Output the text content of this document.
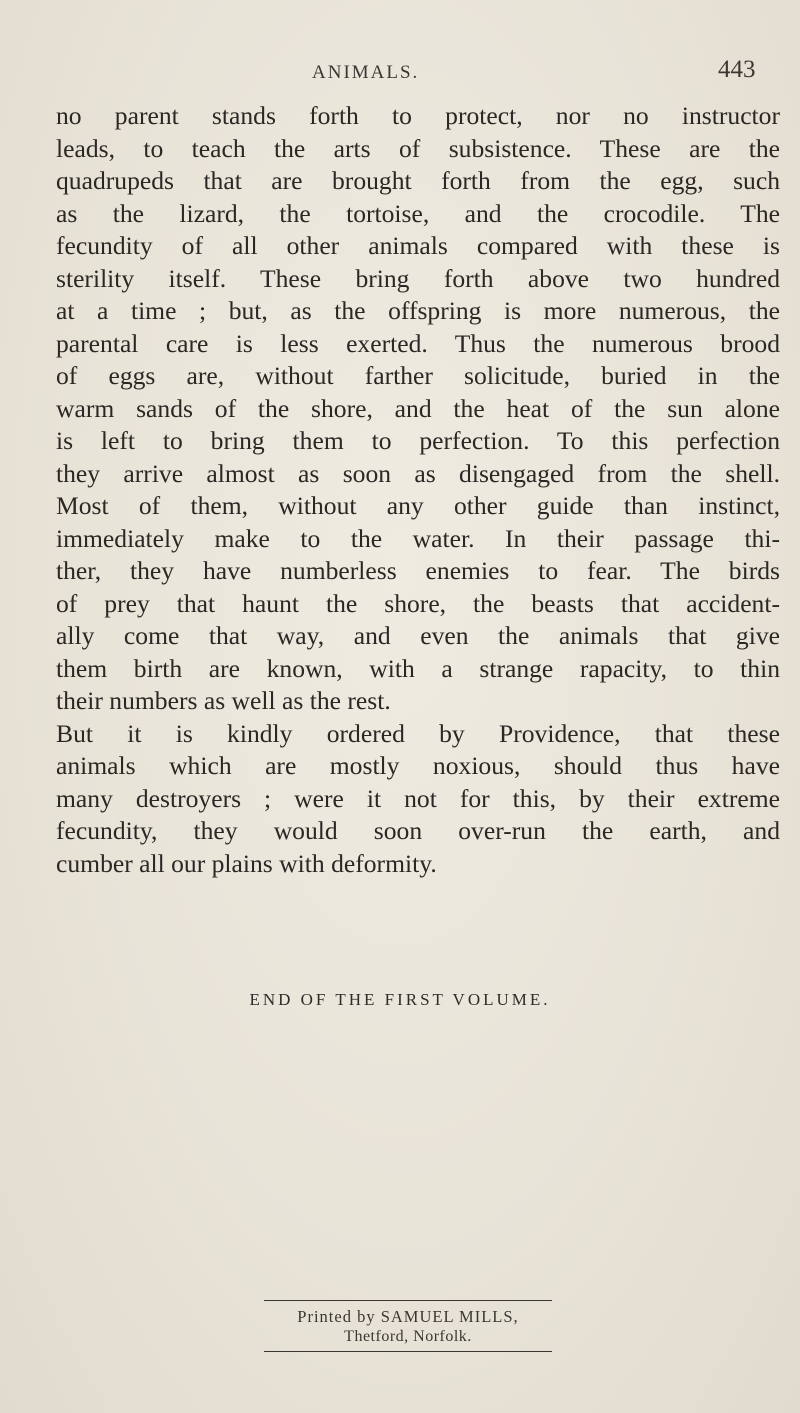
ANIMALS.	443
no parent stands forth to protect, nor no instructor
leads, to teach the arts of subsistence. These are the
quadrupeds that are brought forth from the egg, such
as the lizard, the tortoise, and the crocodile. The
fecundity of all other animals compared with these is
sterility itself. These bring forth above two hundred
at a time ; but, as the offspring is more numerous, the
parental care is less exerted. Thus the numerous brood
of eggs are, without farther solicitude, buried in the
warm sands of the shore, and the heat of the sun alone
is left to bring them to perfection. To this perfection
they arrive almost as soon as disengaged from the shell.
Most of them, without any other guide than instinct,
immediately make to the water. In their passage thi-
ther, they have numberless enemies to fear. The birds
of prey that haunt the shore, the beasts that accident-
ally come that way, and even the animals that give
them birth are known, with a strange rapacity, to thin
their numbers as well as the rest.
But it is kindly ordered by Providence, that these
animals which are mostly noxious, should thus have
many destroyers ; were it not for this, by their extreme
fecundity, they would soon over-run the earth, and
cumber all our plains with deformity.
END OF THE FIRST VOLUME.
Printed by SAMUEL MILLS,
Thetford, Norfolk.
